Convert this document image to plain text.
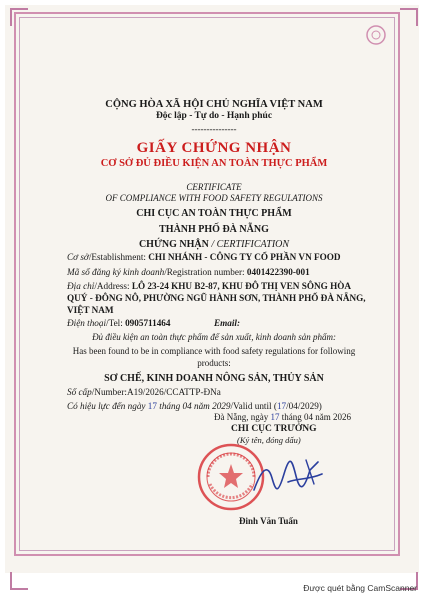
CỘNG HÒA XÃ HỘI CHỦ NGHĨA VIỆT NAM
Độc lập - Tự do - Hạnh phúc
---------------
GIẤY CHỨNG NHẬN
CƠ SỞ ĐỦ ĐIỀU KIỆN AN TOÀN THỰC PHẨM
CERTIFICATE
OF COMPLIANCE WITH FOOD SAFETY REGULATIONS
CHI CỤC AN TOÀN THỰC PHẨM
THÀNH PHỐ ĐÀ NẴNG
CHỨNG NHẬN / CERTIFICATION
Cơ sở/Establishment: CHI NHÁNH - CÔNG TY CỔ PHẦN VN FOOD
Mã số đăng ký kinh doanh/Registration number: 0401422390-001
Địa chỉ/Address: LÔ 23-24 KHU B2-87, KHU ĐÔ THỊ VEN SÔNG HÒA
QUÝ - ĐÔNG NÔ, PHƯỜNG NGŨ HÀNH SƠN, THÀNH PHỐ ĐÀ NẴNG,
VIỆT NAM
Điện thoại/Tel: 0905711464	Email:
Đủ điều kiện an toàn thực phẩm để sản xuất, kinh doanh sản phẩm:
Has been found to be in compliance with food safety regulations for following
products:
SƠ CHẾ, KINH DOANH NÔNG SẢN, THỦY SẢN
Số cấp/Number:A19/2026/CCATTP-ĐNa
Có hiệu lực đến ngày 17 tháng 04 năm 2029/Valid until (17/04/2029)
Đà Nẵng, ngày 17 tháng 04 năm 2026
CHI CỤC TRƯỞNG
(Ký tên, đóng dấu)
Đinh Văn Tuấn
Được quét bằng CamScanner
